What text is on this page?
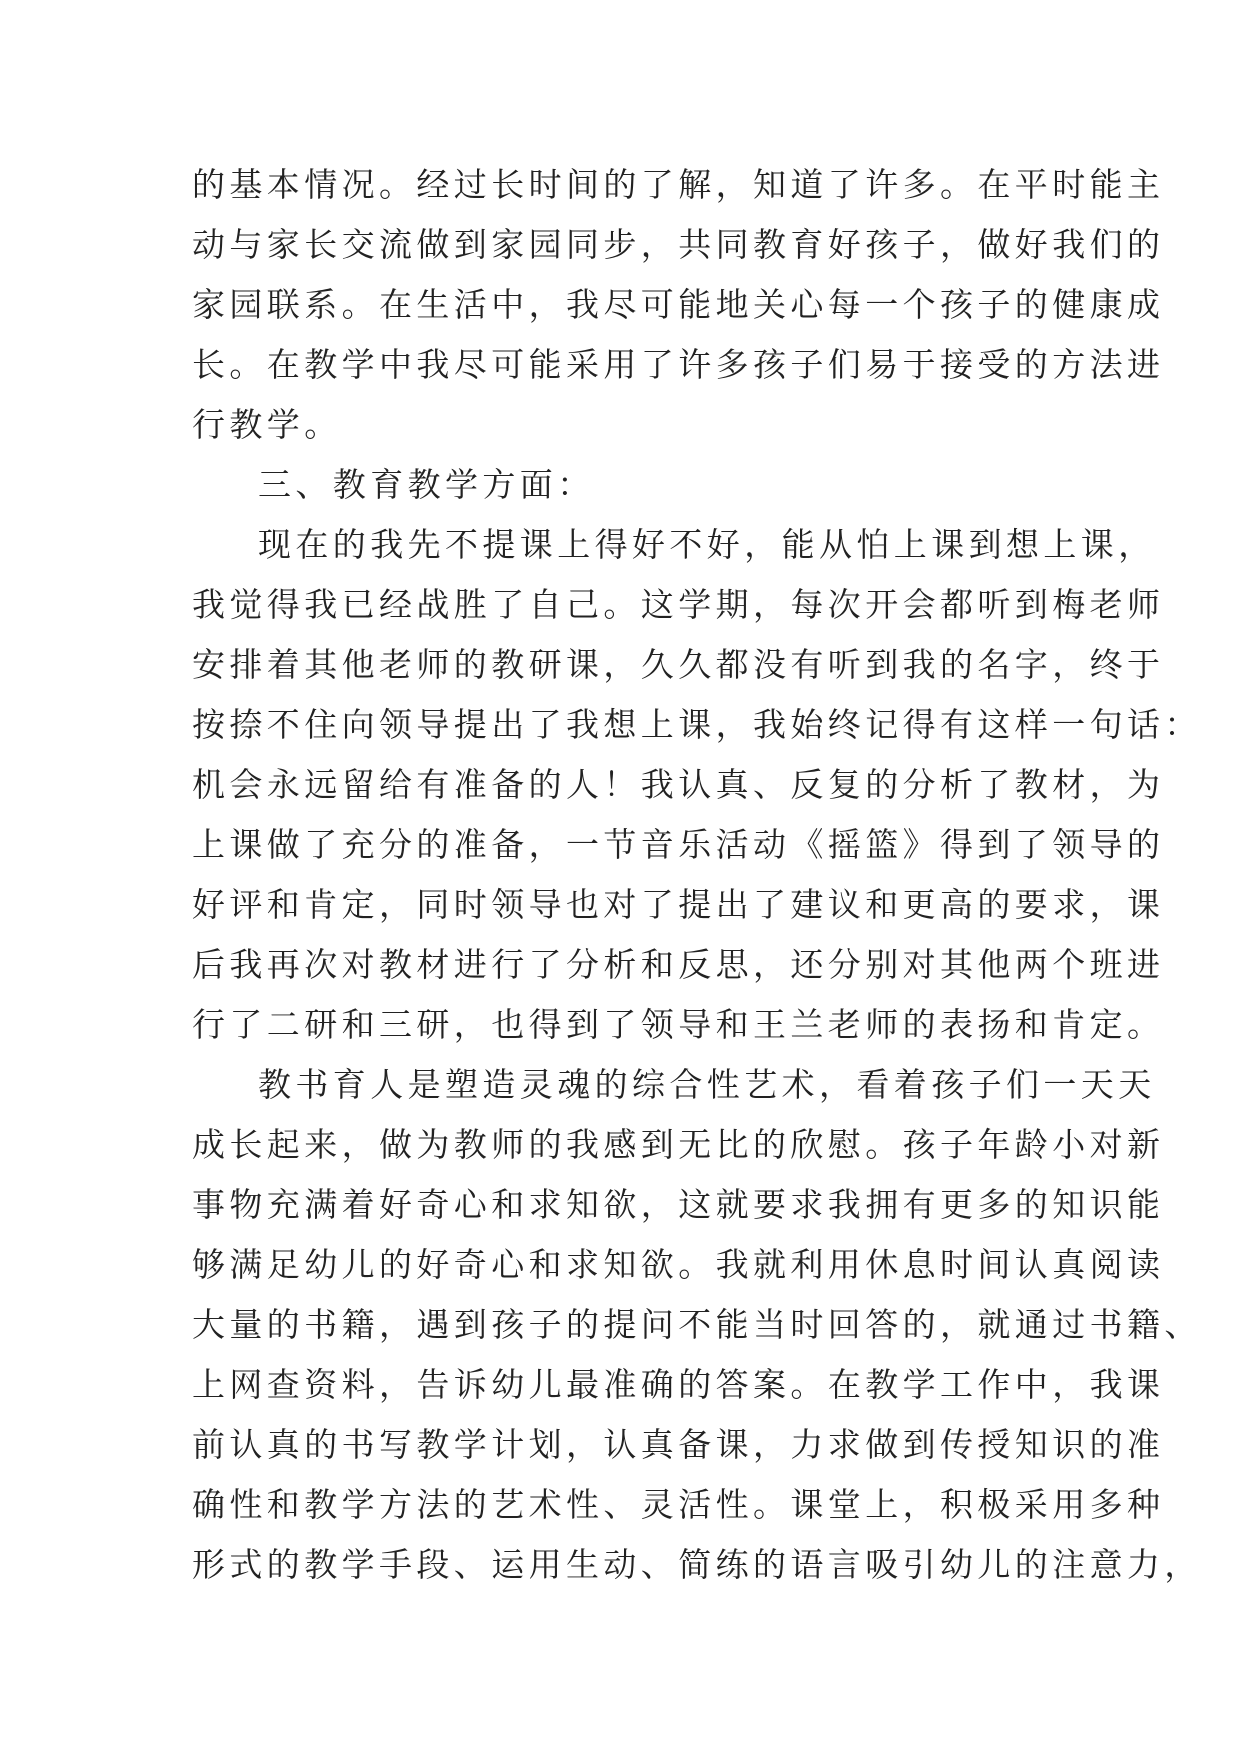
的基本情况。经过长时间的了解，知道了许多。在平时能主
动与家长交流做到家园同步，共同教育好孩子，做好我们的
家园联系。在生活中，我尽可能地关心每一个孩子的健康成
长。在教学中我尽可能采用了许多孩子们易于接受的方法进
行教学。
三、教育教学方面：
现在的我先不提课上得好不好，能从怕上课到想上课，
我觉得我已经战胜了自己。这学期，每次开会都听到梅老师
安排着其他老师的教研课，久久都没有听到我的名字，终于
按捺不住向领导提出了我想上课，我始终记得有这样一句话：
机会永远留给有准备的人！我认真、反复的分析了教材，为
上课做了充分的准备，一节音乐活动《摇篮》得到了领导的
好评和肯定，同时领导也对了提出了建议和更高的要求，课
后我再次对教材进行了分析和反思，还分别对其他两个班进
行了二研和三研，也得到了领导和王兰老师的表扬和肯定。
教书育人是塑造灵魂的综合性艺术，看着孩子们一天天
成长起来，做为教师的我感到无比的欣慰。孩子年龄小对新
事物充满着好奇心和求知欲，这就要求我拥有更多的知识能
够满足幼儿的好奇心和求知欲。我就利用休息时间认真阅读
大量的书籍，遇到孩子的提问不能当时回答的，就通过书籍、
上网查资料，告诉幼儿最准确的答案。在教学工作中，我课
前认真的书写教学计划，认真备课，力求做到传授知识的准
确性和教学方法的艺术性、灵活性。课堂上，积极采用多种
形式的教学手段、运用生动、简练的语言吸引幼儿的注意力，
